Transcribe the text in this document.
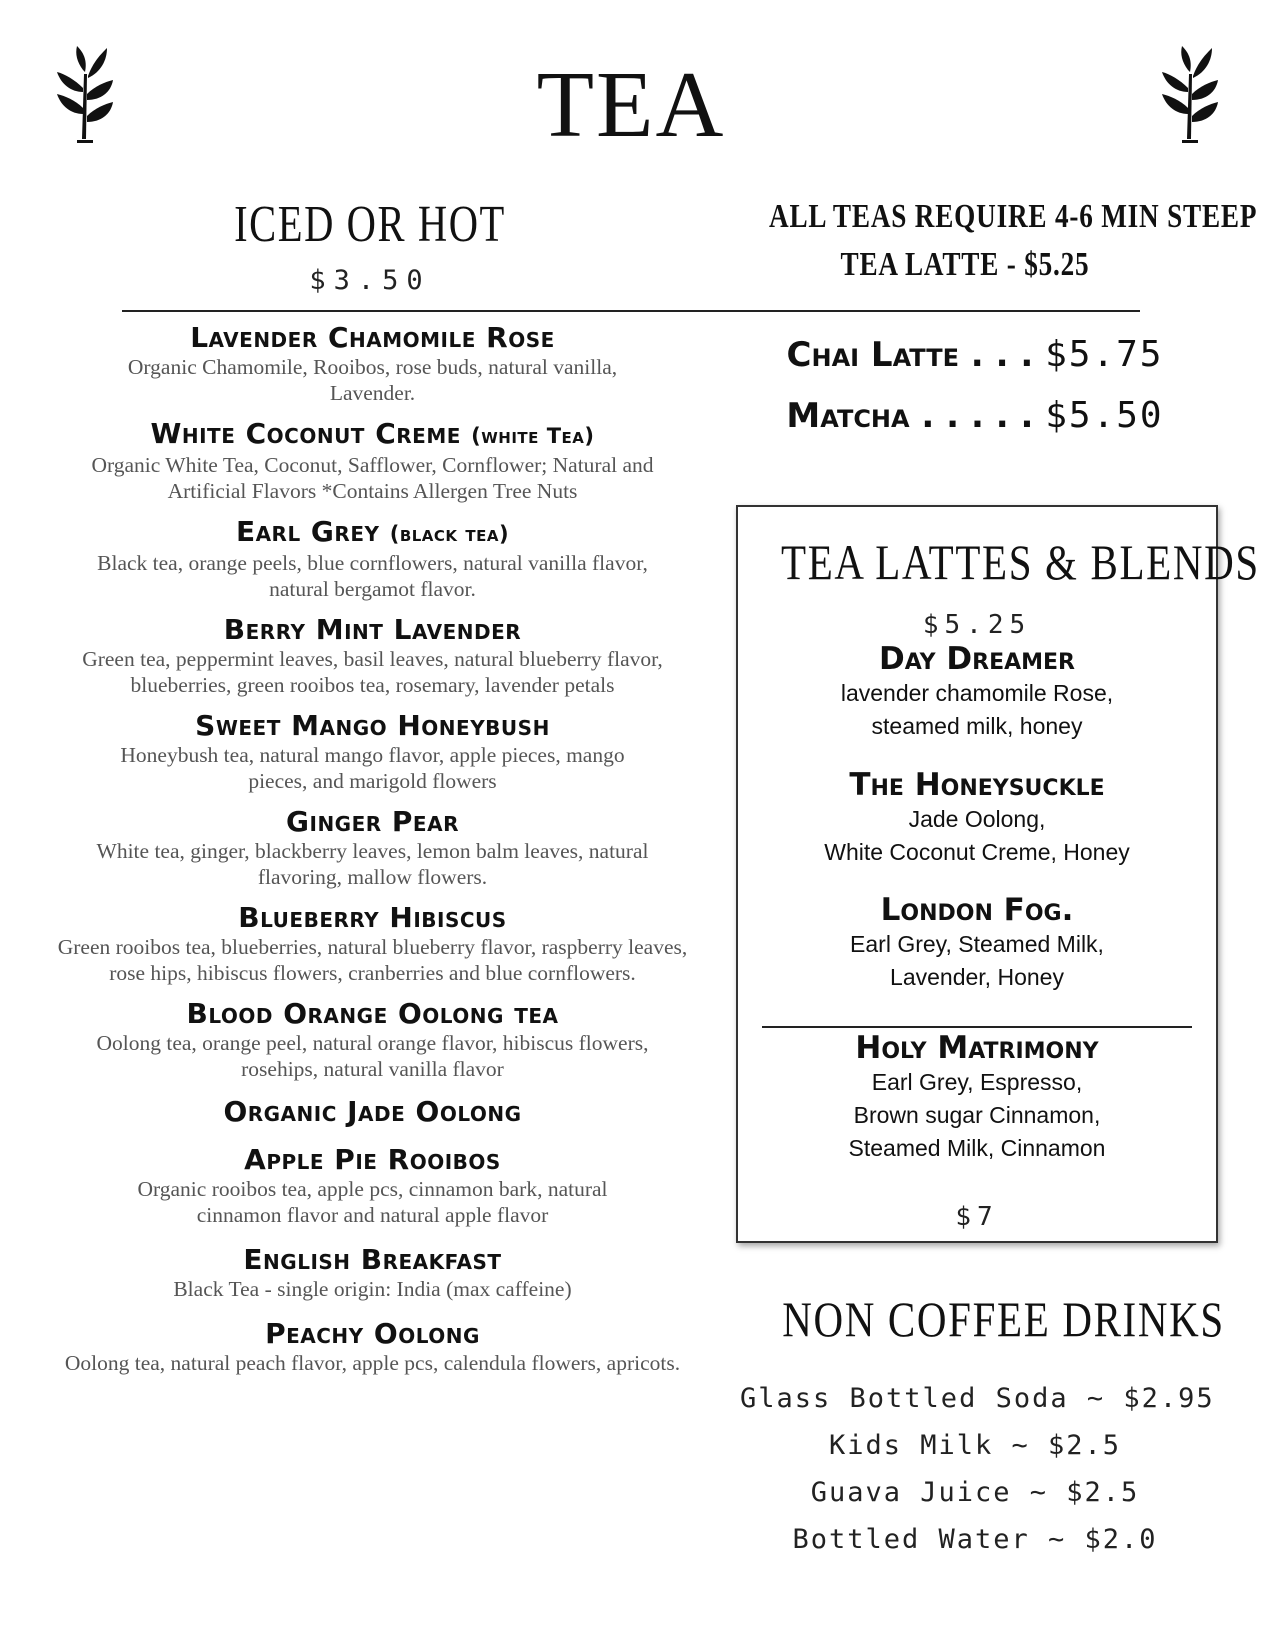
TEA
ICED OR HOT
$3.50
ALL TEAS REQUIRE 4-6 MIN STEEP
TEA LATTE - $5.25
Lavender Chamomile Rose
Organic Chamomile, Rooibos, rose buds, natural vanilla, Lavender.
White Coconut Creme (white Tea)
Organic White Tea, Coconut, Safflower, Cornflower; Natural and Artificial Flavors *Contains Allergen Tree Nuts
Earl Grey (black tea)
Black tea, orange peels, blue cornflowers, natural vanilla flavor, natural bergamot flavor.
Berry Mint Lavender
Green tea, peppermint leaves, basil leaves, natural blueberry flavor, blueberries, green rooibos tea, rosemary, lavender petals
Sweet Mango Honeybush
Honeybush tea, natural mango flavor, apple pieces, mango pieces, and marigold flowers
Ginger Pear
White tea, ginger, blackberry leaves, lemon balm leaves, natural flavoring, mallow flowers.
Blueberry Hibiscus
Green rooibos tea, blueberries, natural blueberry flavor, raspberry leaves, rose hips, hibiscus flowers, cranberries and blue cornflowers.
Blood Orange Oolong tea
Oolong tea, orange peel, natural orange flavor, hibiscus flowers, rosehips, natural vanilla flavor
Organic Jade Oolong
Apple Pie Rooibos
Organic rooibos tea, apple pcs, cinnamon bark, natural cinnamon flavor and natural apple flavor
English Breakfast
Black Tea - single origin: India (max caffeine)
Peachy Oolong
Oolong tea, natural peach flavor, apple pcs, calendula flowers, apricots.
Chai Latte . . . $5.75
Matcha . . . . . $5.50
TEA LATTES & BLENDS
$5.25
Day Dreamer
lavender chamomile Rose,
steamed milk, honey
The Honeysuckle
Jade Oolong,
White Coconut Creme, Honey
London Fog.
Earl Grey, Steamed Milk,
Lavender, Honey
Holy Matrimony
Earl Grey, Espresso,
Brown sugar Cinnamon,
Steamed Milk, Cinnamon
$7
NON COFFEE DRINKS
Glass Bottled Soda ~ $2.95
Kids Milk ~ $2.5
Guava Juice ~ $2.5
Bottled Water ~ $2.0
